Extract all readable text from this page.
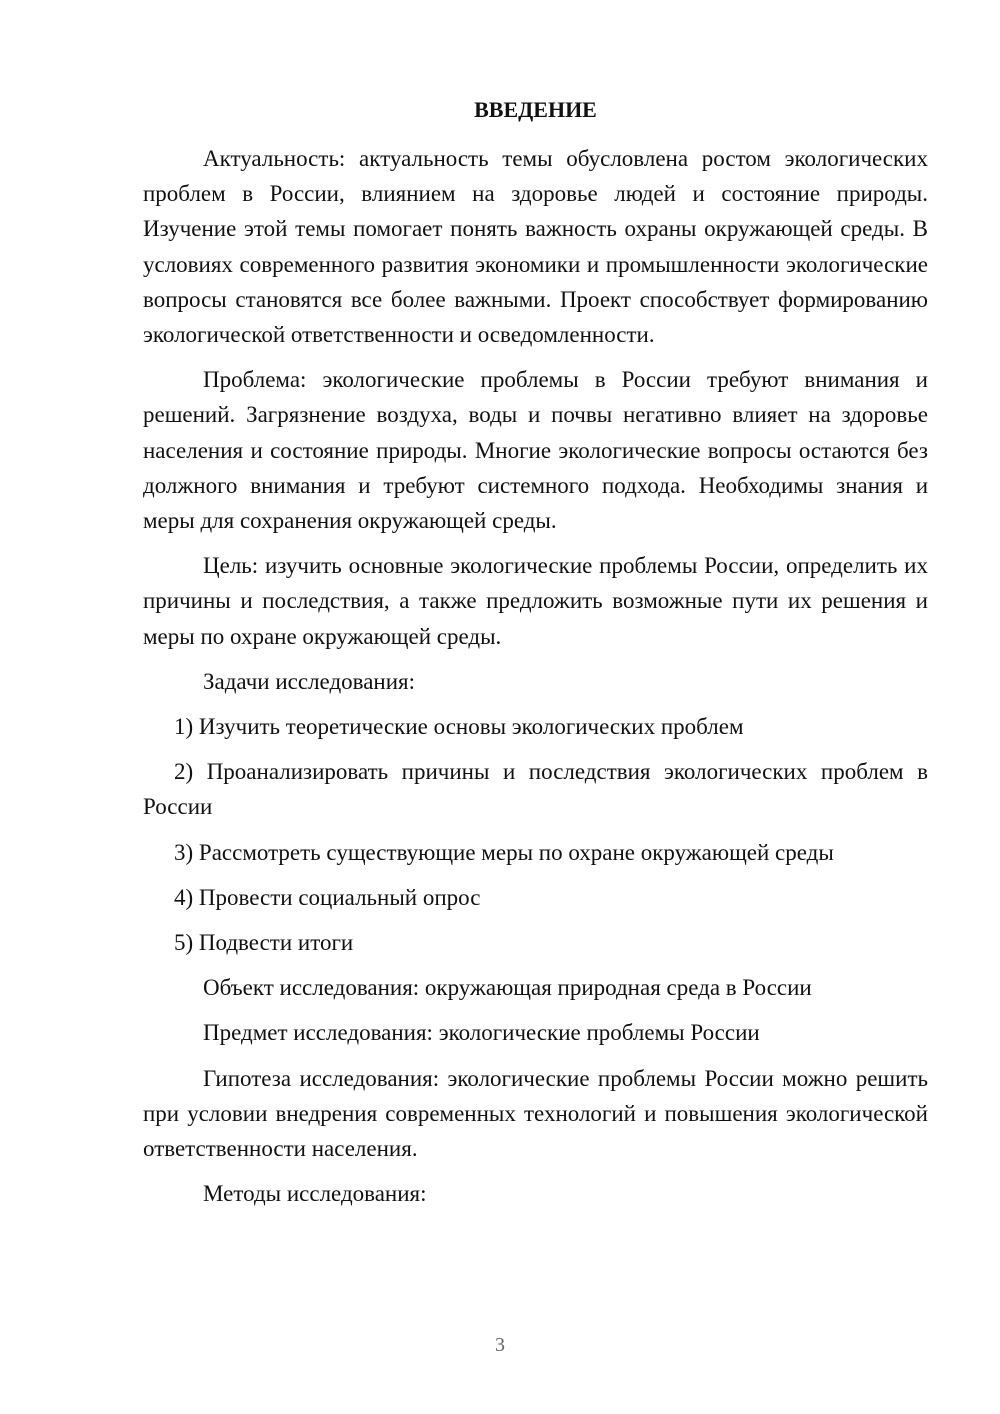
ВВЕДЕНИЕ

Актуальность: актуальность темы обусловлена ростом экологических проблем в России, влиянием на здоровье людей и состояние природы. Изучение этой темы помогает понять важность охраны окружающей среды. В условиях современного развития экономики и промышленности экологические вопросы становятся все более важными. Проект способствует формированию экологической ответственности и осведомленности.

Проблема: экологические проблемы в России требуют внимания и решений. Загрязнение воздуха, воды и почвы негативно влияет на здоровье населения и состояние природы. Многие экологические вопросы остаются без должного внимания и требуют системного подхода. Необходимы знания и меры для сохранения окружающей среды.

Цель: изучить основные экологические проблемы России, определить их причины и последствия, а также предложить возможные пути их решения и меры по охране окружающей среды.

Задачи исследования:

1) Изучить теоретические основы экологических проблем

2) Проанализировать причины и последствия экологических проблем в России

3) Рассмотреть существующие меры по охране окружающей среды

4) Провести социальный опрос

5) Подвести итоги

Объект исследования: окружающая природная среда в России

Предмет исследования: экологические проблемы России

Гипотеза исследования: экологические проблемы России можно решить при условии внедрения современных технологий и повышения экологической ответственности населения.

Методы исследования:

3
